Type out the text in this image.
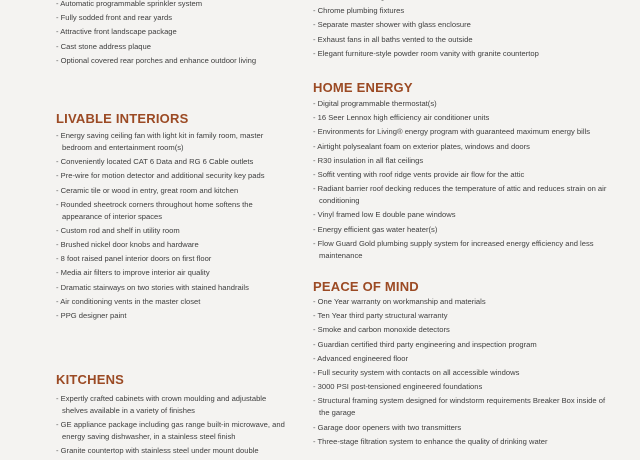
- Automatic programmable sprinkler system
- Fully sodded front and rear yards
- Attractive front landscape package
- Cast stone address plaque
- Optional covered rear porches and enhance outdoor living
LIVABLE INTERIORS
- Energy saving ceiling fan with light kit in family room, master bedroom and entertainment room(s)
- Conveniently located CAT 6 Data and RG 6 Cable outlets
- Pre-wire for motion detector and additional security key pads
- Ceramic tile or wood in entry, great room and kitchen
- Rounded sheetrock corners throughout home softens the appearance of interior spaces
- Custom rod and shelf in utility room
- Brushed nickel door knobs and hardware
- 8 foot raised panel interior doors on first floor
- Media air filters to improve interior air quality
- Dramatic stairways on two stories with stained handrails
- Air conditioning vents in the master closet
- PPG designer paint
KITCHENS
- Expertly crafted cabinets with crown moulding and adjustable shelves available in a variety of finishes
- GE appliance package including gas range built-in microwave, and energy saving dishwasher, in a stainless steel finish
- Granite countertop with stainless steel under mount double
-
- Chrome plumbing fixtures
- Separate master shower with glass enclosure
- Exhaust fans in all baths vented to the outside
- Elegant furniture-style powder room vanity with granite countertop
HOME ENERGY
- Digital programmable thermostat(s)
- 16 Seer Lennox high efficiency air conditioner units
- Environments for Living® energy program with guaranteed maximum energy bills
- Airtight polysealant foam on exterior plates, windows and doors
- R30 insulation in all flat ceilings
- Soffit venting with roof ridge vents provide air flow for the attic
- Radiant barrier roof decking reduces the temperature of attic and reduces strain on air conditioning
- Vinyl framed low E double pane windows
- Energy efficient gas water heater(s)
- Flow Guard Gold plumbing supply system for increased energy efficiency and less maintenance
PEACE OF MIND
- One Year warranty on workmanship and materials
- Ten Year third party structural warranty
- Smoke and carbon monoxide detectors
- Guardian certified third party engineering and inspection program
- Advanced engineered floor
- Full security system with contacts on all accessible windows
- 3000 PSI post-tensioned engineered foundations
- Structural framing system designed for windstorm requirements Breaker Box inside of the garage
- Garage door openers with two transmitters
- Three-stage filtration system to enhance the quality of drinking water
